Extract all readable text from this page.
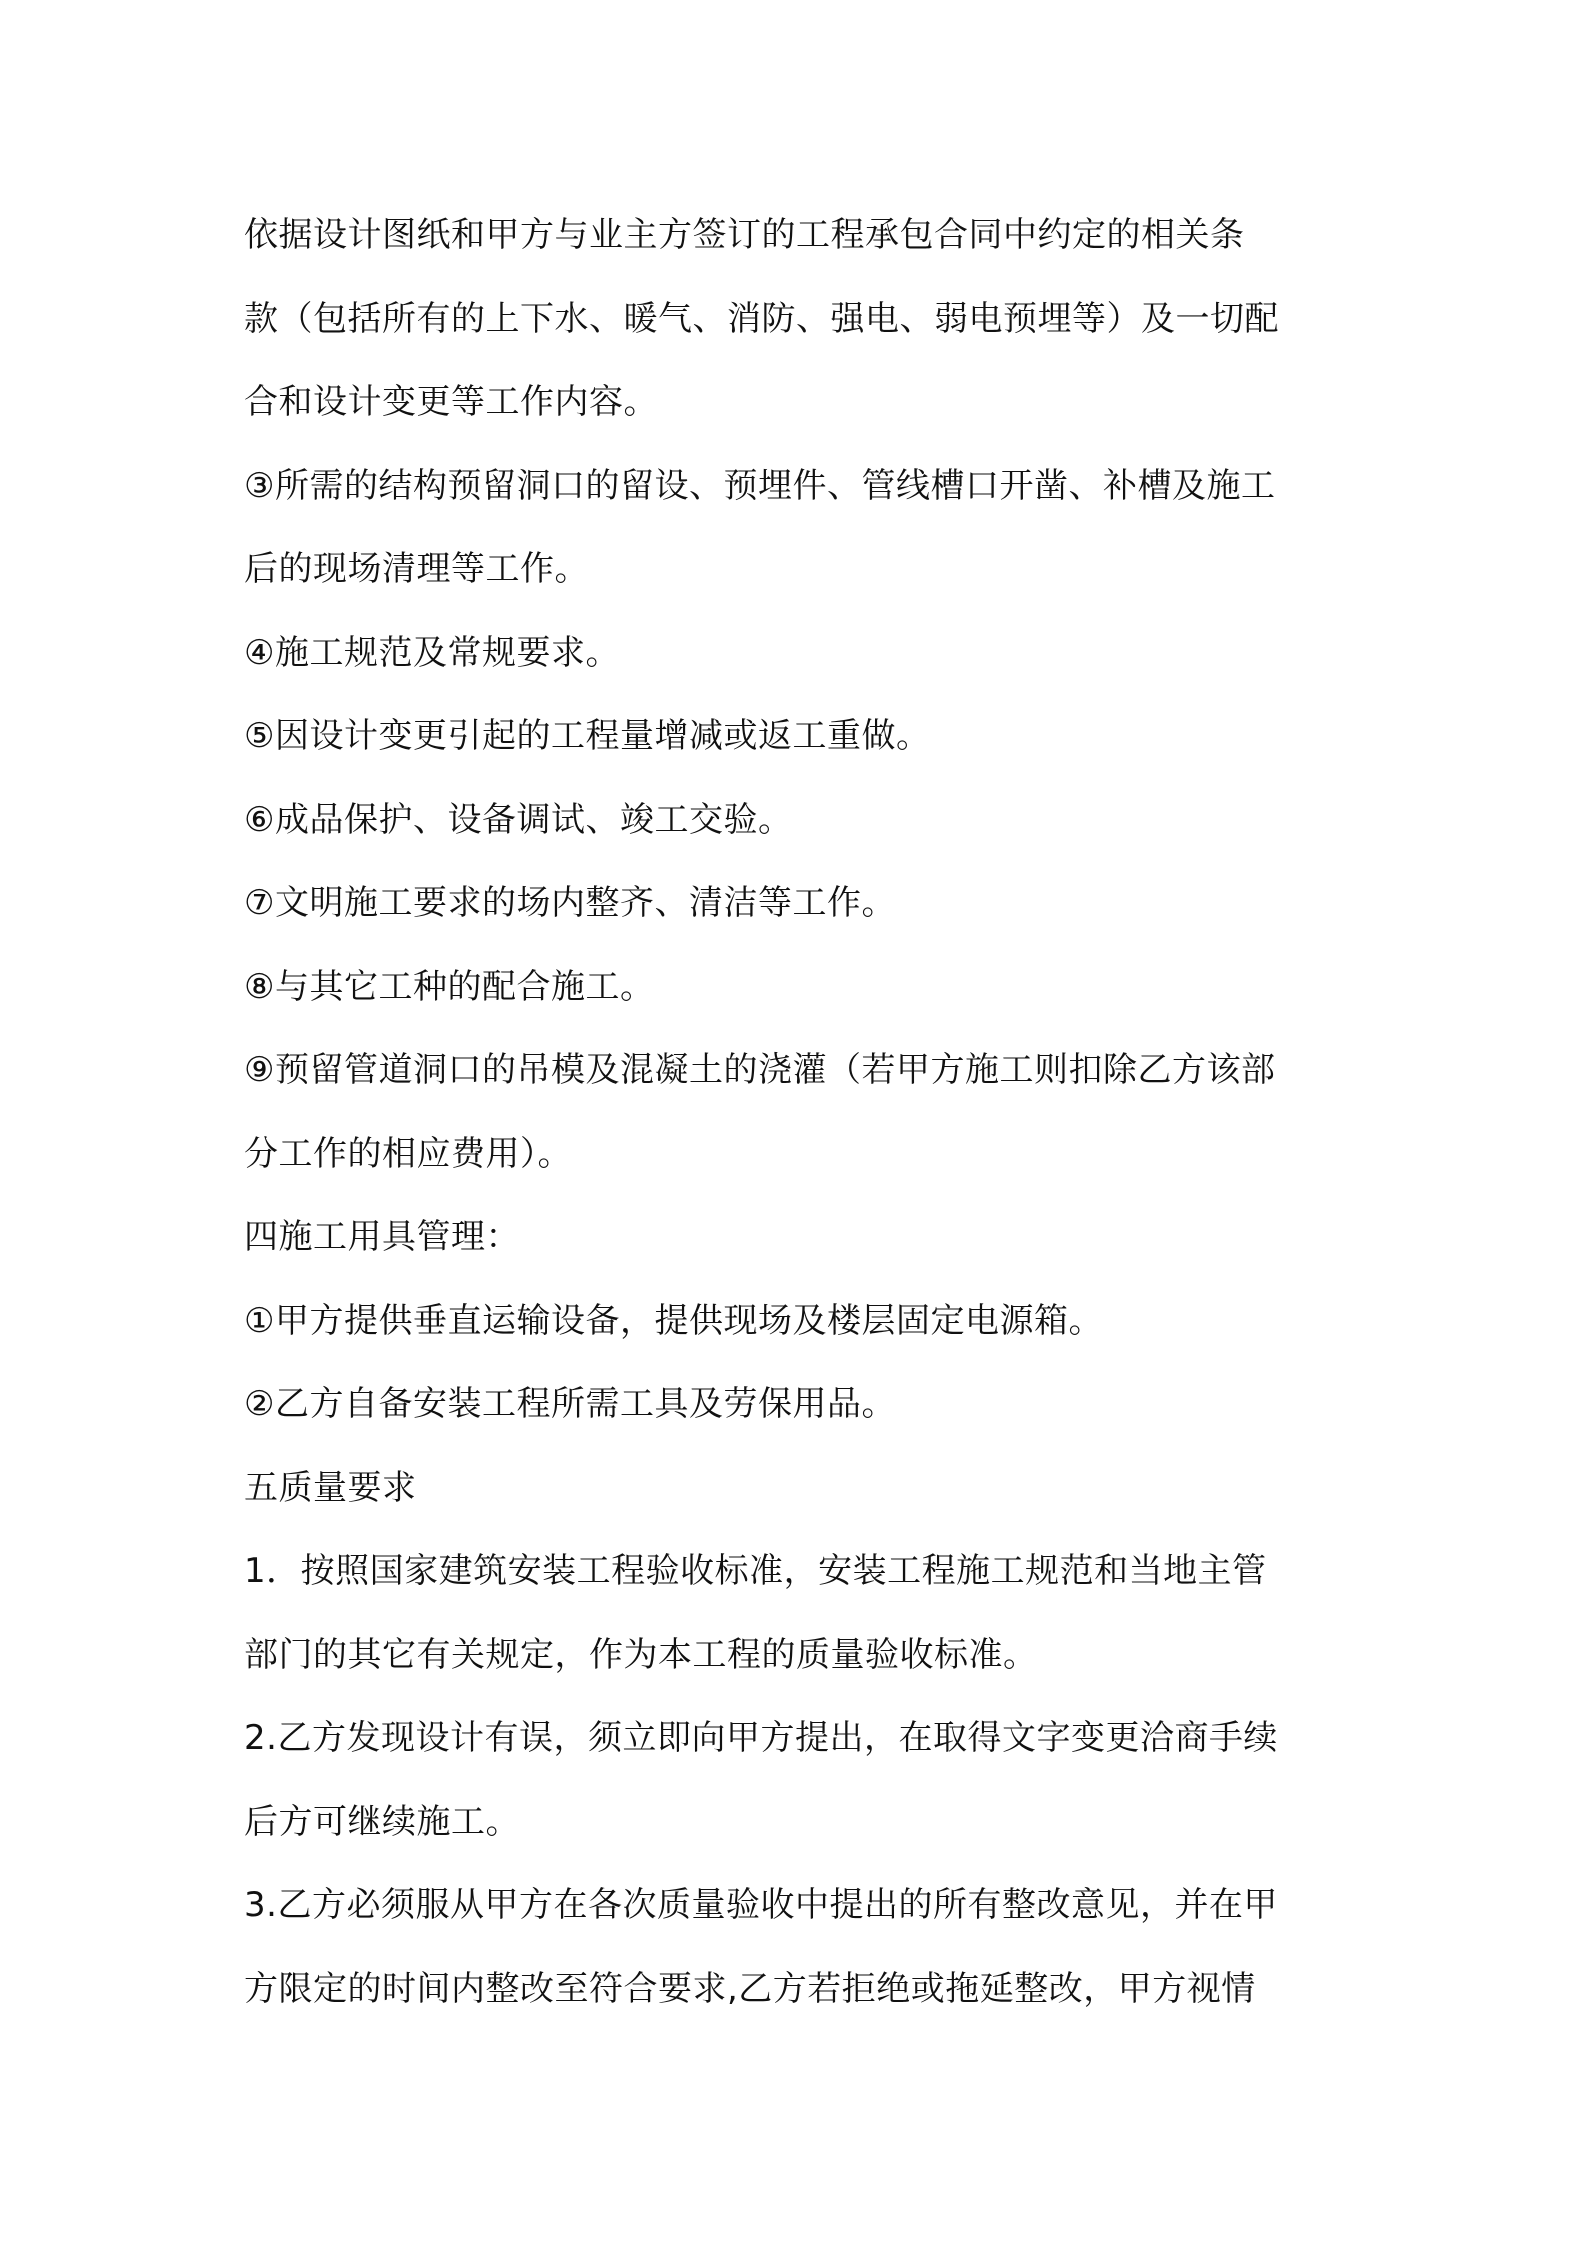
依据设计图纸和甲方与业主方签订的工程承包合同中约定的相关条
款（包括所有的上下水、暖气、消防、强电、弱电预埋等）及一切配
合和设计变更等工作内容。
③所需的结构预留洞口的留设、预埋件、管线槽口开凿、补槽及施工
后的现场清理等工作。
④施工规范及常规要求。
⑤因设计变更引起的工程量增减或返工重做。
⑥成品保护、设备调试、竣工交验。
⑦文明施工要求的场内整齐、清洁等工作。
⑧与其它工种的配合施工。
⑨预留管道洞口的吊模及混凝土的浇灌（若甲方施工则扣除乙方该部
分工作的相应费用）。
四施工用具管理：
①甲方提供垂直运输设备，提供现场及楼层固定电源箱。
②乙方自备安装工程所需工具及劳保用品。
五质量要求
1．按照国家建筑安装工程验收标准，安装工程施工规范和当地主管
部门的其它有关规定，作为本工程的质量验收标准。
2.乙方发现设计有误，须立即向甲方提出，在取得文字变更洽商手续
后方可继续施工。
3.乙方必须服从甲方在各次质量验收中提出的所有整改意见，并在甲
方限定的时间内整改至符合要求,乙方若拒绝或拖延整改，甲方视情
